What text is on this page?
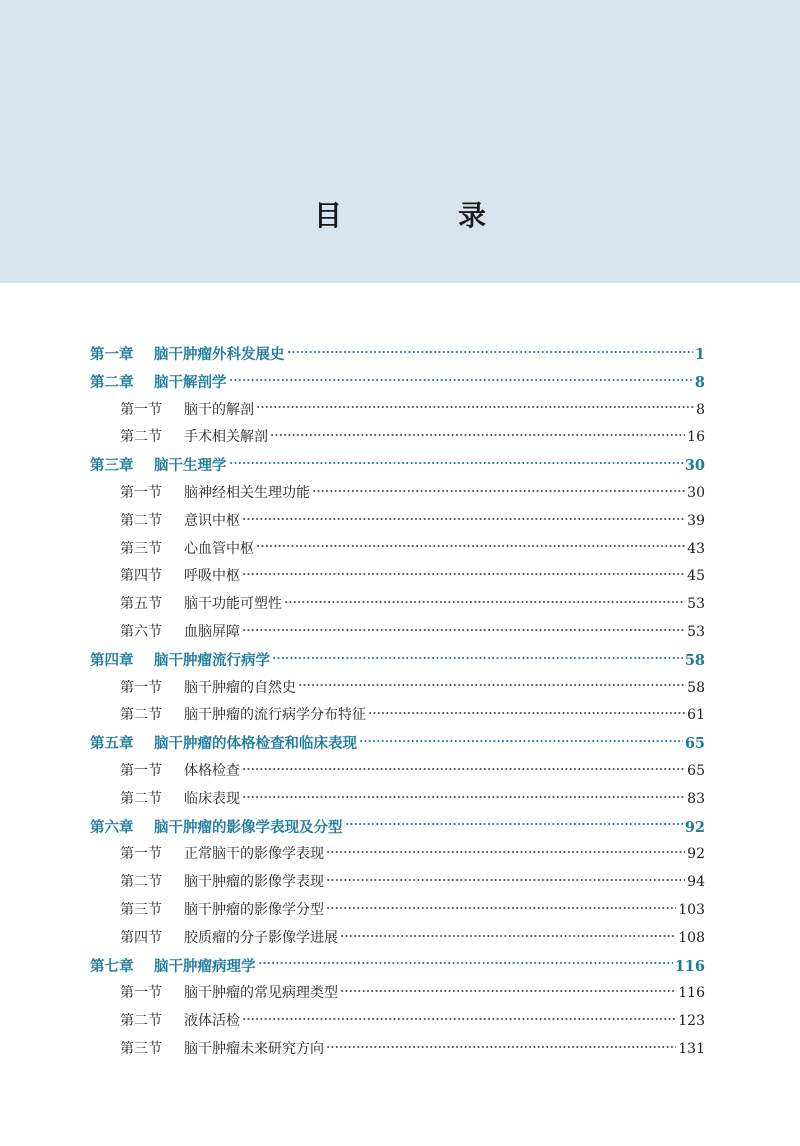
目　录
第一章	脑干肿瘤外科发展史	1
第二章	脑干解剖学	8
第一节	脑干的解剖	8
第二节	手术相关解剖	16
第三章	脑干生理学	30
第一节	脑神经相关生理功能	30
第二节	意识中枢	39
第三节	心血管中枢	43
第四节	呼吸中枢	45
第五节	脑干功能可塑性	53
第六节	血脑屏障	53
第四章	脑干肿瘤流行病学	58
第一节	脑干肿瘤的自然史	58
第二节	脑干肿瘤的流行病学分布特征	61
第五章	脑干肿瘤的体格检查和临床表现	65
第一节	体格检查	65
第二节	临床表现	83
第六章	脑干肿瘤的影像学表现及分型	92
第一节	正常脑干的影像学表现	92
第二节	脑干肿瘤的影像学表现	94
第三节	脑干肿瘤的影像学分型	103
第四节	胶质瘤的分子影像学进展	108
第七章	脑干肿瘤病理学	116
第一节	脑干肿瘤的常见病理类型	116
第二节	液体活检	123
第三节	脑干肿瘤未来研究方向	131
